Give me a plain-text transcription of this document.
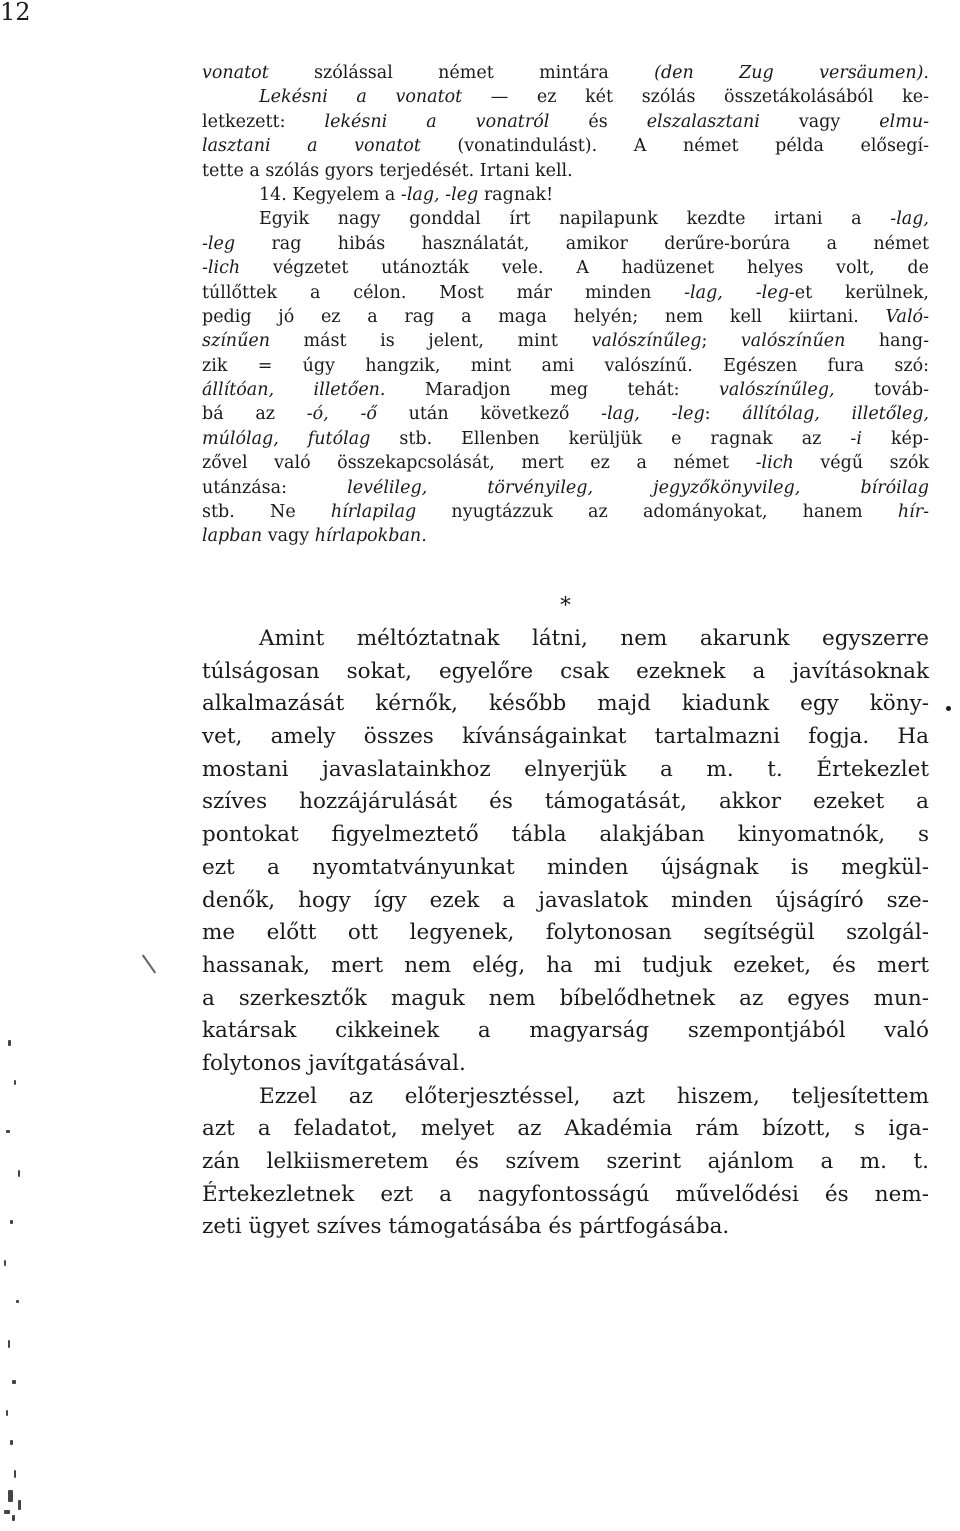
12
vonatot szólással német mintára (den Zug versäumen).
Lekésni a vonatot — ez két szólás összetákolásából ke-
letkezett: lekésni a vonatról és elszalasztani vagy elmu-
lasztani a vonatot (vonatindulást). A német példa elősegí-
tette a szólás gyors terjedését. Irtani kell.
14. Kegyelem a -lag, -leg ragnak!
Egyik nagy gonddal írt napilapunk kezdte irtani a -lag,
-leg rag hibás használatát, amikor derűre-borúra a német
-lich végzetet utánozták vele. A hadüzenet helyes volt, de
túllőttek a célon. Most már minden -lag, -leg-et kerülnek,
pedig jó ez a rag a maga helyén; nem kell kiirtani. Való-
színűen mást is jelent, mint valószínűleg; valószínűen hang-
zik = úgy hangzik, mint ami valószínű. Egészen fura szó:
állítóan, illetően. Maradjon meg tehát: valószínűleg, továb-
bá az -ó, -ő után következő -lag, -leg: állítólag, illetőleg,
múlólag, futólag stb. Ellenben kerüljük e ragnak az -i kép-
zővel való összekapcsolását, mert ez a német -lich végű szók
utánzása: levélileg, törvényileg, jegyzőkönyvileg, bíróilag
stb. Ne hírlapilag nyugtázzuk az adományokat, hanem hír-
lapban vagy hírlapokban.
*
Amint méltóztatnak látni, nem akarunk egyszerre
túlságosan sokat, egyelőre csak ezeknek a javításoknak
alkalmazását kérnők, később majd kiadunk egy köny-
vet, amely összes kívánságainkat tartalmazni fogja. Ha
mostani javaslatainkhoz elnyerjük a m. t. Értekezlet
szíves hozzájárulását és támogatását, akkor ezeket a
pontokat figyelmeztető tábla alakjában kinyomatnók, s
ezt a nyomtatványunkat minden újságnak is megkül-
denők, hogy így ezek a javaslatok minden újságíró sze-
me előtt ott legyenek, folytonosan segítségül szolgál-
hassanak, mert nem elég, ha mi tudjuk ezeket, és mert
a szerkesztők maguk nem bíbelődhetnek az egyes mun-
katársak cikkeinek a magyarság szempontjából való
folytonos javítgatásával.
Ezzel az előterjesztéssel, azt hiszem, teljesítettem
azt a feladatot, melyet az Akadémia rám bízott, s iga-
zán lelkiismeretem és szívem szerint ajánlom a m. t.
Értekezletnek ezt a nagyfontosságú művelődési és nem-
zeti ügyet szíves támogatásába és pártfogásába.
